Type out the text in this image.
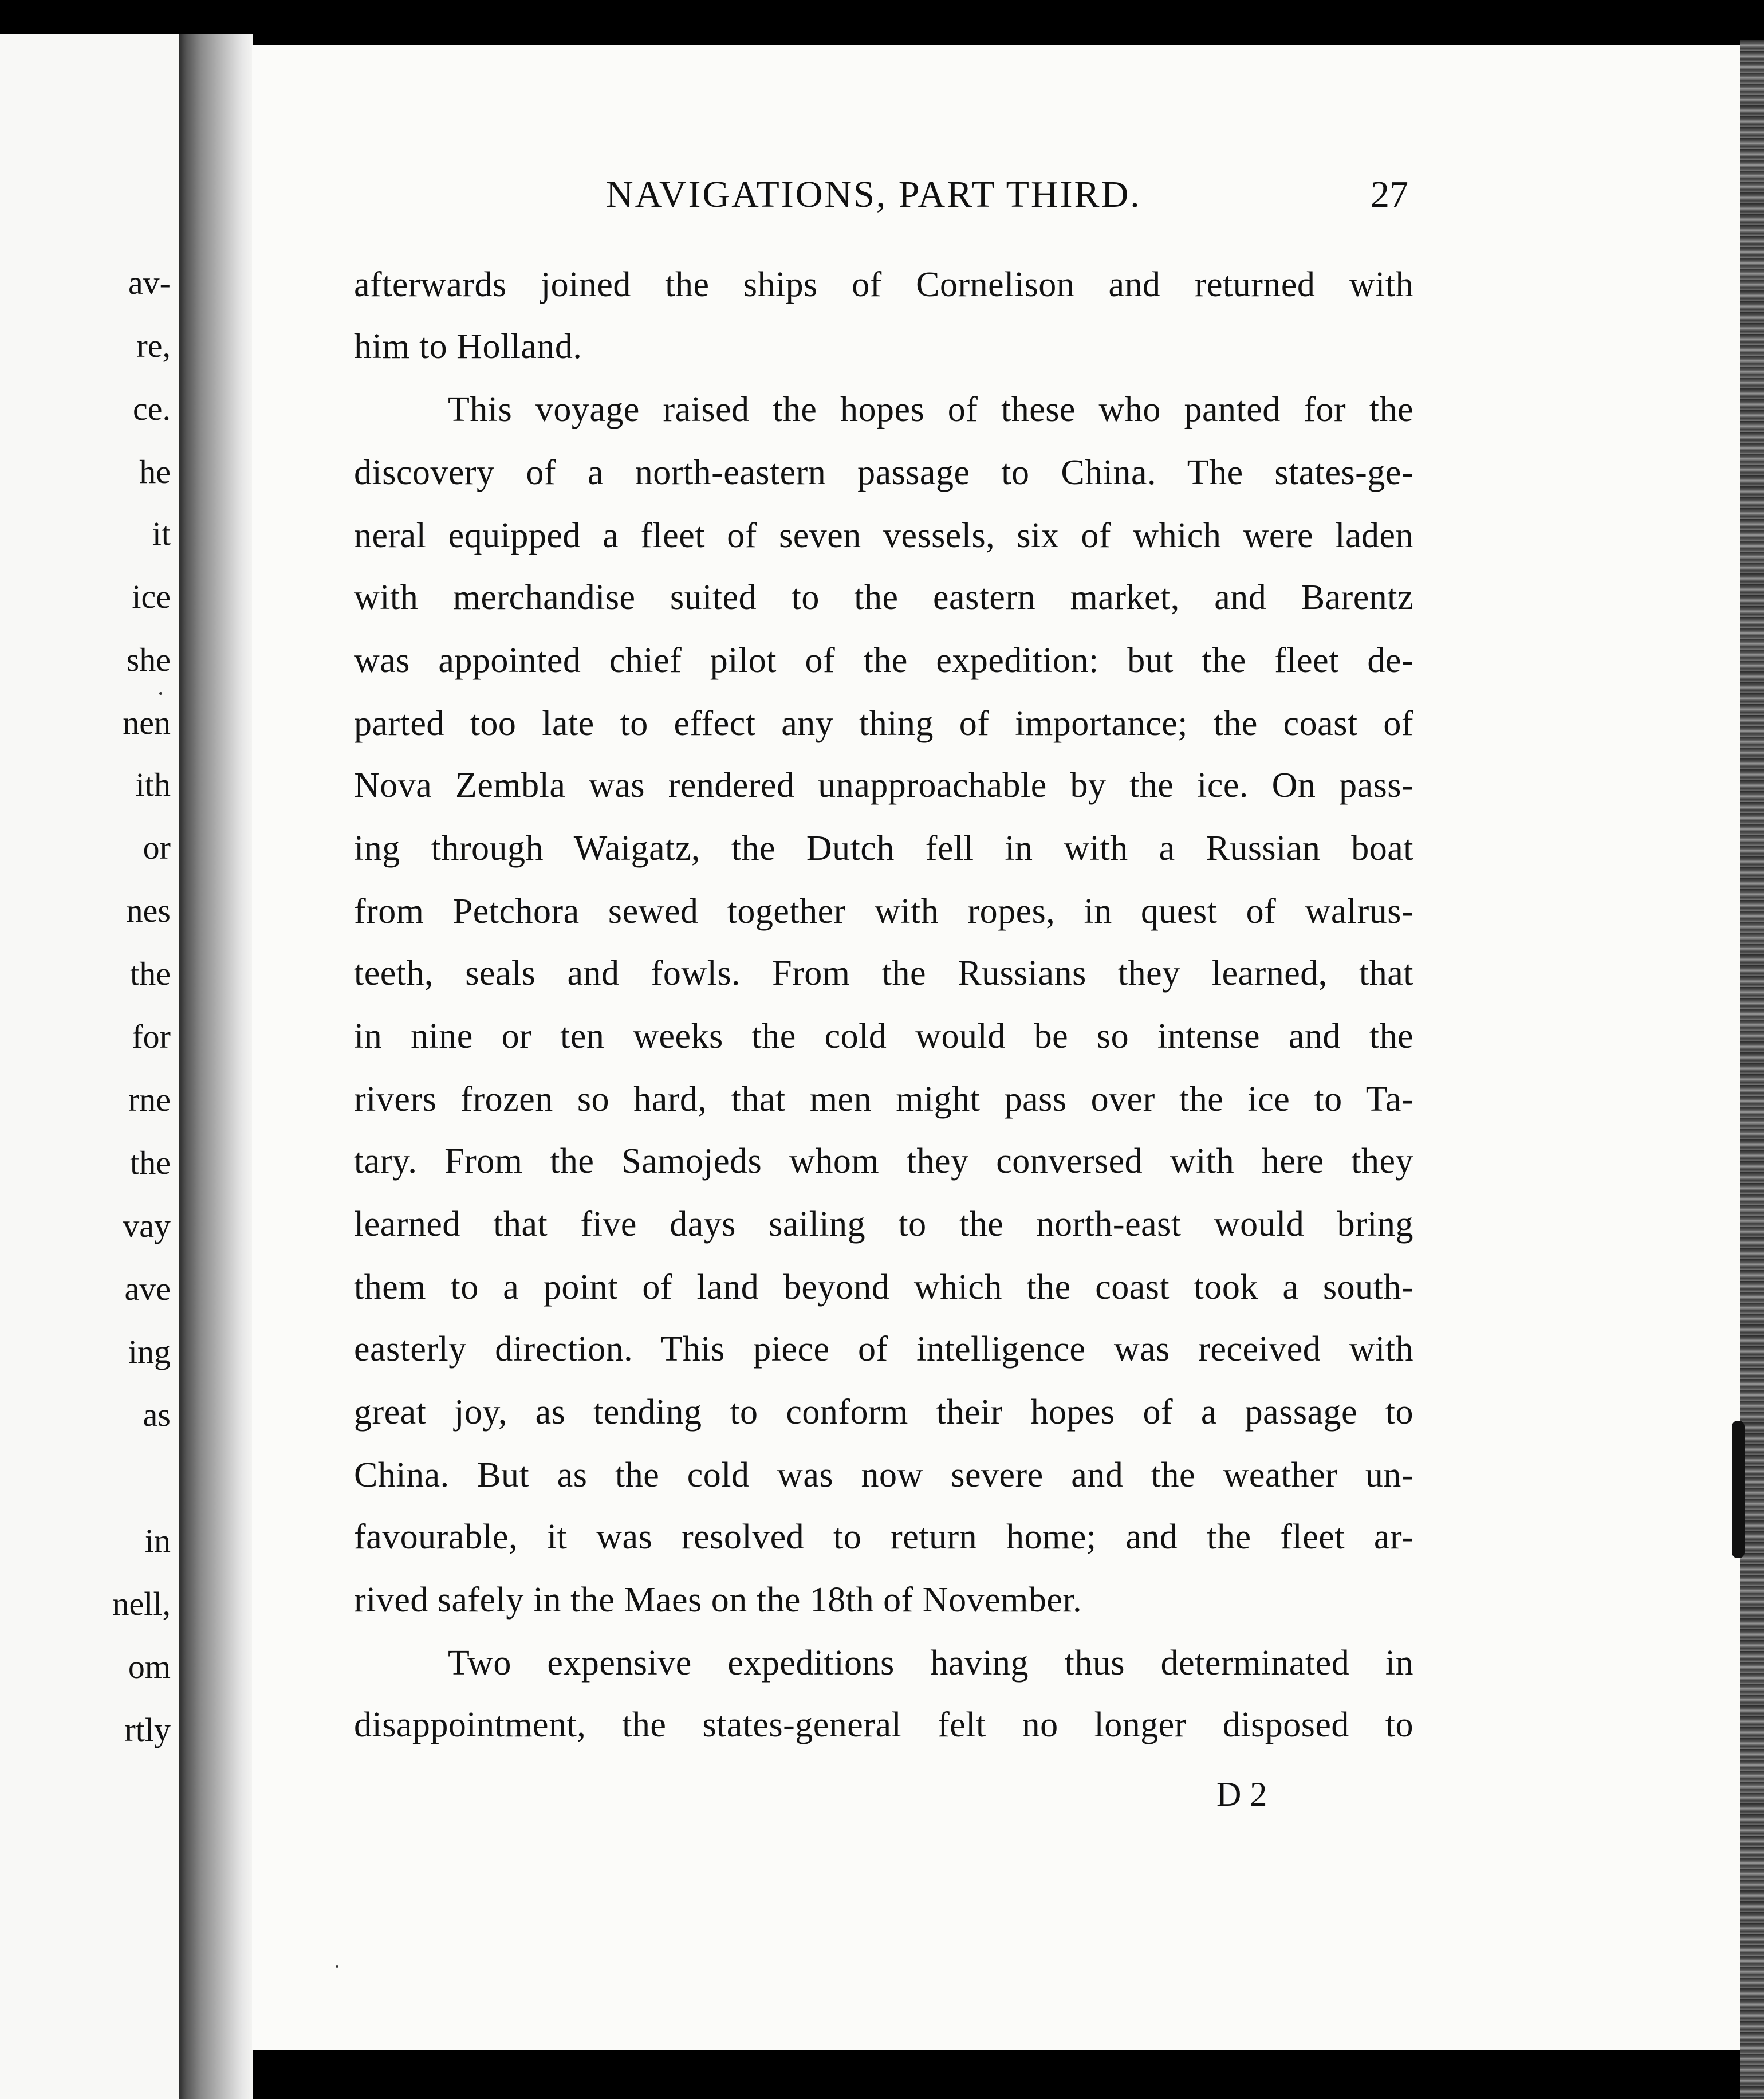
av-
re,
ce.
he
it
ice
she
nen
ith
or
nes
the
for
rne
the
vay
ave
ing
as
in
nell,
om
rtly
NAVIGATIONS, PART THIRD.	27
afterwards joined the ships of Cornelison and returned with
him to Holland.
This voyage raised the hopes of these who panted for the
discovery of a north-eastern passage to China. The states-ge-
neral equipped a fleet of seven vessels, six of which were laden
with merchandise suited to the eastern market, and Barentz
was appointed chief pilot of the expedition: but the fleet de-
parted too late to effect any thing of importance; the coast of
Nova Zembla was rendered unapproachable by the ice. On pass-
ing through Waigatz, the Dutch fell in with a Russian boat
from Petchora sewed together with ropes, in quest of walrus-
teeth, seals and fowls. From the Russians they learned, that
in nine or ten weeks the cold would be so intense and the
rivers frozen so hard, that men might pass over the ice to Ta-
tary. From the Samojeds whom they conversed with here they
learned that five days sailing to the north-east would bring
them to a point of land beyond which the coast took a south-
easterly direction. This piece of intelligence was received with
great joy, as tending to conform their hopes of a passage to
China. But as the cold was now severe and the weather un-
favourable, it was resolved to return home; and the fleet ar-
rived safely in the Maes on the 18th of November.
Two expensive expeditions having thus determinated in
disappointment, the states-general felt no longer disposed to
D 2
